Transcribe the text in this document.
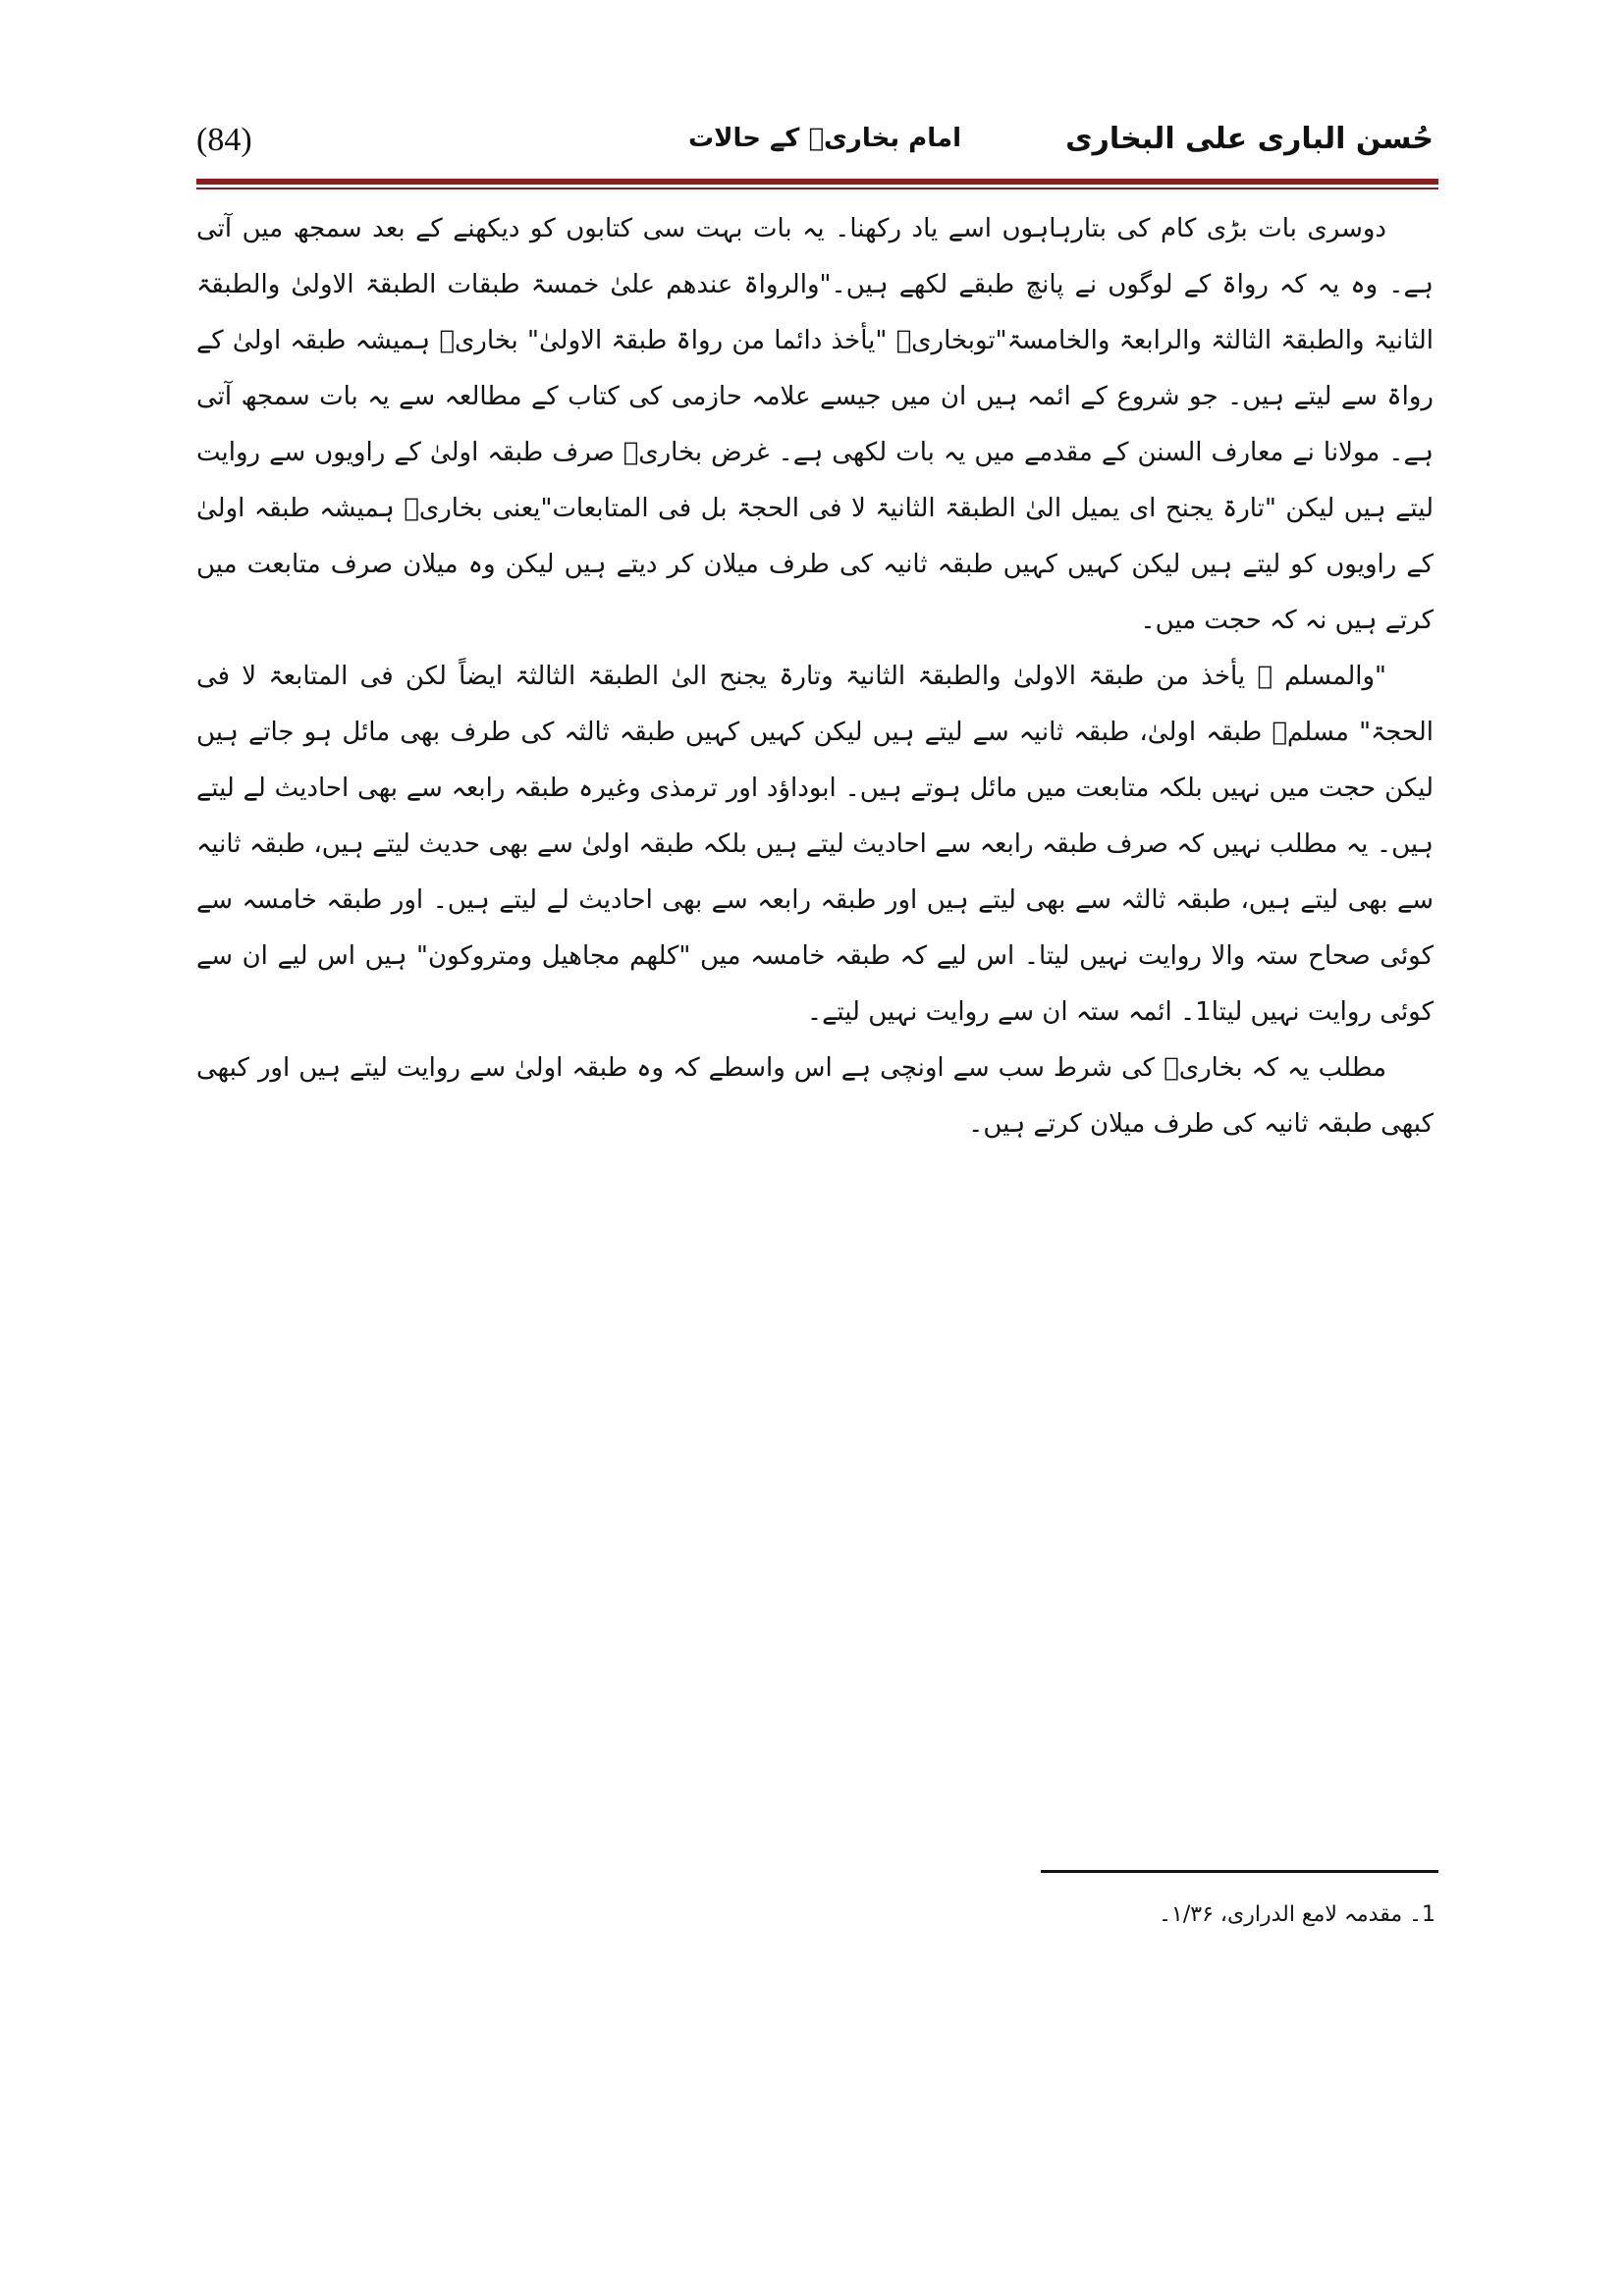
(84)	امام بخاریؒ کے حالات	حُسن الباری علی البخاری

دوسری بات بڑی کام کی بتارہاہوں اسے یاد رکھنا۔ یہ بات بہت سی کتابوں کو دیکھنے کے بعد سمجھ میں آتی ہے۔ وہ یہ کہ رواۃ کے لوگوں نے پانچ طبقے لکھے ہیں۔"والرواۃ عندھم علیٰ خمسۃ طبقات الطبقۃ الاولیٰ والطبقۃ الثانیۃ والطبقۃ الثالثۃ والرابعۃ والخامسۃ"توبخاریؒ "یأخذ دائما من رواۃ طبقۃ الاولیٰ" بخاریؒ ہمیشہ طبقہ اولیٰ کے رواۃ سے لیتے ہیں۔ جو شروع کے ائمہ ہیں ان میں جیسے علامہ حازمی کی کتاب کے مطالعہ سے یہ بات سمجھ آتی ہے۔ مولانا نے معارف السنن کے مقدمے میں یہ بات لکھی ہے۔ غرض بخاریؒ صرف طبقہ اولیٰ کے راویوں سے روایت لیتے ہیں لیکن "تارۃ یجنح ای یمیل الیٰ الطبقۃ الثانیۃ لا فی الحجۃ بل فی المتابعات"یعنی بخاریؒ ہمیشہ طبقہ اولیٰ کے راویوں کو لیتے ہیں لیکن کہیں کہیں طبقہ ثانیہ کی طرف میلان کر دیتے ہیں لیکن وہ میلان صرف متابعت میں کرتے ہیں نہ کہ حجت میں۔

"والمسلم ؒ یأخذ من طبقۃ الاولیٰ والطبقۃ الثانیۃ وتارۃ یجنح الیٰ الطبقۃ الثالثۃ ایضاً لکن فی المتابعۃ لا فی الحجۃ" مسلمؒ طبقہ اولیٰ، طبقہ ثانیہ سے لیتے ہیں لیکن کہیں کہیں طبقہ ثالثہ کی طرف بھی مائل ہو جاتے ہیں لیکن حجت میں نہیں بلکہ متابعت میں مائل ہوتے ہیں۔ ابوداؤد اور ترمذی وغیرہ طبقہ رابعہ سے بھی احادیث لے لیتے ہیں۔ یہ مطلب نہیں کہ صرف طبقہ رابعہ سے احادیث لیتے ہیں بلکہ طبقہ اولیٰ سے بھی حدیث لیتے ہیں، طبقہ ثانیہ سے بھی لیتے ہیں، طبقہ ثالثہ سے بھی لیتے ہیں اور طبقہ رابعہ سے بھی احادیث لے لیتے ہیں۔ اور طبقہ خامسہ سے کوئی صحاح ستہ والا روایت نہیں لیتا۔ اس لیے کہ طبقہ خامسہ میں "کلھم مجاھیل ومتروکون" ہیں اس لیے ان سے کوئی روایت نہیں لیتا1۔ ائمہ ستہ ان سے روایت نہیں لیتے۔

مطلب یہ کہ بخاریؒ کی شرط سب سے اونچی ہے اس واسطے کہ وہ طبقہ اولیٰ سے روایت لیتے ہیں اور کبھی کبھی طبقہ ثانیہ کی طرف میلان کرتے ہیں۔

1۔ مقدمہ لامع الدراری، ۱/۳۶۔
